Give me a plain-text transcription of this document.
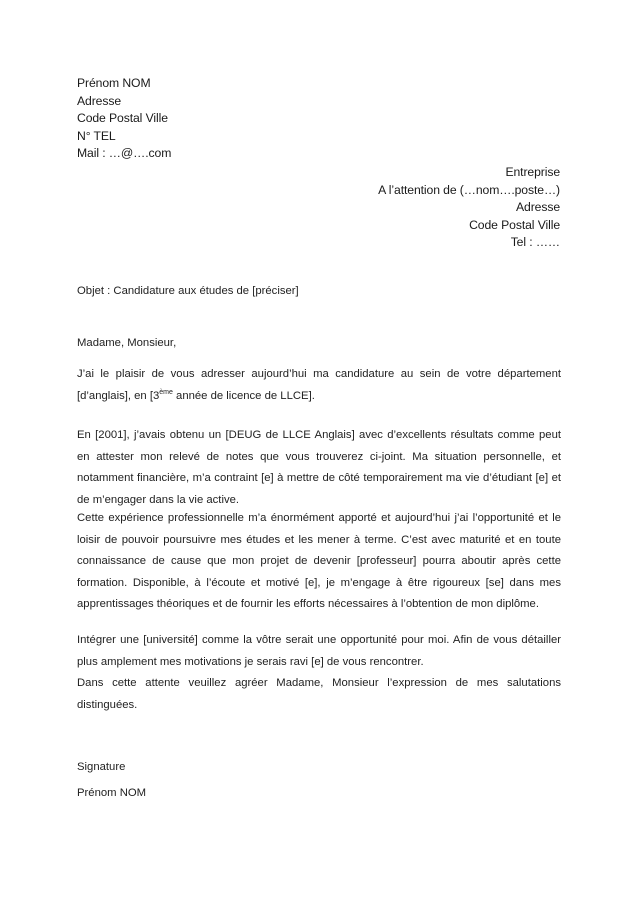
Prénom NOM
Adresse
Code Postal Ville
N° TEL
Mail : …@….com
Entreprise
A l’attention de (…nom….poste…)
Adresse
Code Postal Ville
Tel : ……
Objet : Candidature aux études de [préciser]
Madame, Monsieur,
J’ai le plaisir de vous adresser aujourd’hui ma candidature au sein de votre département [d’anglais], en [3ème année de licence de LLCE].
En [2001], j’avais obtenu un [DEUG de LLCE Anglais] avec d’excellents résultats comme peut en attester mon relevé de notes que vous trouverez ci-joint. Ma situation personnelle, et notamment financière, m’a contraint [e] à mettre de côté temporairement ma vie d’étudiant [e] et de m’engager dans la vie active.
Cette expérience professionnelle m’a énormément apporté et aujourd’hui j’ai l’opportunité et le loisir de pouvoir poursuivre mes études et les mener à terme. C’est avec maturité et en toute connaissance de cause que mon projet de devenir [professeur] pourra aboutir après cette formation. Disponible, à l’écoute et motivé [e], je m’engage à être rigoureux [se] dans mes apprentissages théoriques et de fournir les efforts nécessaires à l’obtention de mon diplôme.
Intégrer une [université] comme la vôtre serait une opportunité pour moi. Afin de vous détailler plus amplement mes motivations je serais ravi [e] de vous rencontrer.
Dans cette attente veuillez agréer Madame, Monsieur l’expression de mes salutations distinguées.
Signature
Prénom NOM
